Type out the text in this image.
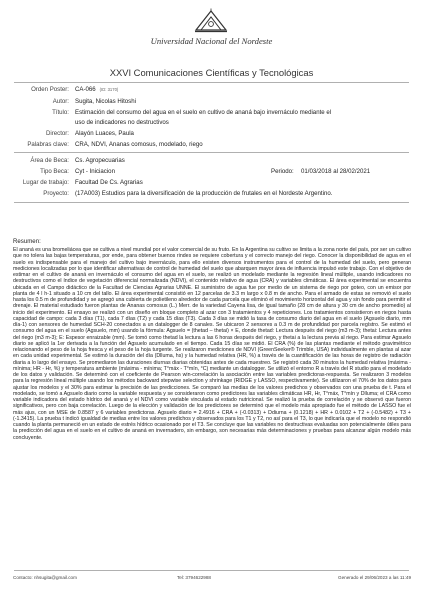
Universidad Nacional del Nordeste
XXVI Comunicaciones Científicas y Tecnológicas
Orden Poster: CA-066 (ID: 3170)
Autor: Sugita, Nicolas Hitoshi
Título: Estimación del consumo del agua en el suelo en cultivo de ananá bajo invernáculo mediante el
uso de indicadores no destructivos
Director: Alayón Luaces, Paula
Palabras clave: CRA, NDVI, Ananas comosus, modelado, riego
Área de Beca: Cs. Agropecuarias
Tipo Beca: Cyt - Iniciacion	Periodo: 01/03/2018 al 28/02/2021
Lugar de trabajo: Facultad De Cs. Agrarias
Proyecto: (17A003) Estudios para la diversificación de la producción de frutales en el Nordeste Argentino.
Resumen:

El ananá es una bromeliácea que se cultiva a nivel mundial por el valor comercial de su fruto. En la Argentina su cultivo se limita a la zona norte del país, por ser un cultivo que no tolera las bajas temperaturas, por ende, para obtener buenos rindes se requiere cobertura y el correcto manejo del riego. Conocer la disponibilidad de agua en el suelo es indispensable para el manejo del cultivo bajo invernáculo, para ello existen diversos instrumentos para el control de la humedad del suelo, pero generan mediciones localizadas por lo que identificar alternativas de control de humedad del suelo que abarquen mayor área de influencia impulsó este trabajo. Con el objetivo de estimar en el cultivo de ananá en invernáculo el consumo del agua en el suelo, se realizó un modelado mediante la regresión lineal múltiple, usando indicadores no destructivos como el índice de vegetación diferencial normalizada (NDVI), el contenido relativo de agua (CRA) y variables climáticas. El área experimental se encuentra ubicada en el Campo didáctico de la Facultad de Ciencias Agrarias UNNE. El suministro de agua fue por medio de un sistema de riego por goteo, con un emisor por planta de 4 l h-1 situado a 10 cm del tallo. El área experimental consistió en 12 parcelas de 3.3 m largo x 0.8 m de ancho. Para el armado de estas se removió el suelo hasta los 0.5 m de profundidad y se agregó una cubierta de polietileno alrededor de cada parcela que eliminó el movimiento horizontal del agua y sin fondo para permitir el drenaje. El material estudiado fueron plantas de Ananas comosus (L.) Merr. de la variedad Cayena lisa, de igual tamaño (28 cm de altura y 30 cm de ancho promedio) al inicio del experimento. El ensayo se realizó con un diseño en bloque completo al azar con 3 tratamientos y 4 repeticiones. Los tratamientos consistieron en riegos hasta capacidad de campo: cada 3 días (T1), cada 7 días (T2) y cada 15 días (T3). Cada 3 días se midió la tasa de consumo diario del agua en el suelo (Agsuelo diario, mm día-1) con sensores de humedad SCH-20 conectados a un datalogger de 8 canales. Se ubicaron 2 sensores a 0.3 m de profundidad por parcela regístro. Se estimó el consumo del agua en el suelo (Agsuelo, mm) usando la fórmula: Agsuelo = (thetad – thetai) × E, donde thetad: Lectura después del riego (m3 m-3); thetai: Lectura antes del riego (m3 m-3); E: Espesor enraizable (mm). Se tomó como thetad la lectura a las 6 horas después del riego, y thetai a la lectura previa al riego. Para estimar Agsuelo diario se aplicó la 1er derivada a la función del Agsuelo acumulado en el tiempo. Cada 15 días se midió. El CRA (%) de las plantas mediante el método gravimétrico relacionando el peso de la hoja fresca y el peso de la hoja turgente. Se realizaron mediciones de NDVI (GreenSeeker® Trimble, USA) individualmente en plantas al azar en cada unidad experimental. Se estimó la duración del día (Dlluma, hs) y la humedad relativa (HR, %) a través de la cuantificación de las horas de registro de radiación diaria a lo largo del ensayo. Se promediaron las duraciones diurnas diarias obtenidas antes de cada muestreo. Se registró cada 30 minutos la humedad relativa (máxima - mínima; HR - Hr, %) y temperatura ambiente (máxima - mínima; T°máx - T°mín, °C) mediante un datalogger. Se utilizó el entorno R a través del R studio para el modelado de los datos y validación. Se determinó con el coeficiente de Pearson win-correlación la asociación entre las variables predictoras-respuesta. Se realizaron 3 modelos para la regresión lineal múltiple usando los métodos backward stepwise selection y shrinkage (RIDGE y LASSO, respectivamente). Se utilizaron el 70% de los datos para ajustar los modelos y el 30% para estimar la precisión de las predicciones. Se comparó las medias de los valores predichos y observados con una prueba de t. Para el modelado, se tomó a Agsuelo diario como la variable respuesta y se consideraron como predictores las variables climáticas HR, Hr, T°máx, T°mín y Dlluma; el CRA como variable indicadora del estado hídrico del ananá y el NDVI como variable vinculada al estado nutricional. Se realizó la prueba de correlación y se observó que fueron significativos, pero con baja correlación. Luego de la elección y validación de los predictores se determinó que el modelo más apropiado fue el método de LASSO fue el más ajus, con un MSE de 0.8587 y 6 variables predictoras. Agsuelo diario = 2.4916 + CRA + (-0.0313) + Ddiurna + (0.1218) + HR + 0.0102 + T2 + (-0.5482) + T3 + (-1.3415). La prueba t indicó igualdad de medias entre los valores predichos y observados para los T1 y T2, no así para el T3, lo que indicaría que el modelo no respondió cuando la planta permaneció en un estado de estrés hídrico ocasionado por el T3. Se concluye que las variables no destructivas evaluadas son potencialmente útiles para la predicción del agua en el suelo en el cultivo de ananá en invernadero, sin embargo, son necesarias más determinaciones y pruebas para alcanzar algún modelo más concluyente.

Contacto: nhsugita@gmail.com	Tel: 3794622988	Generado el 29/06/2023 a las 11:49
